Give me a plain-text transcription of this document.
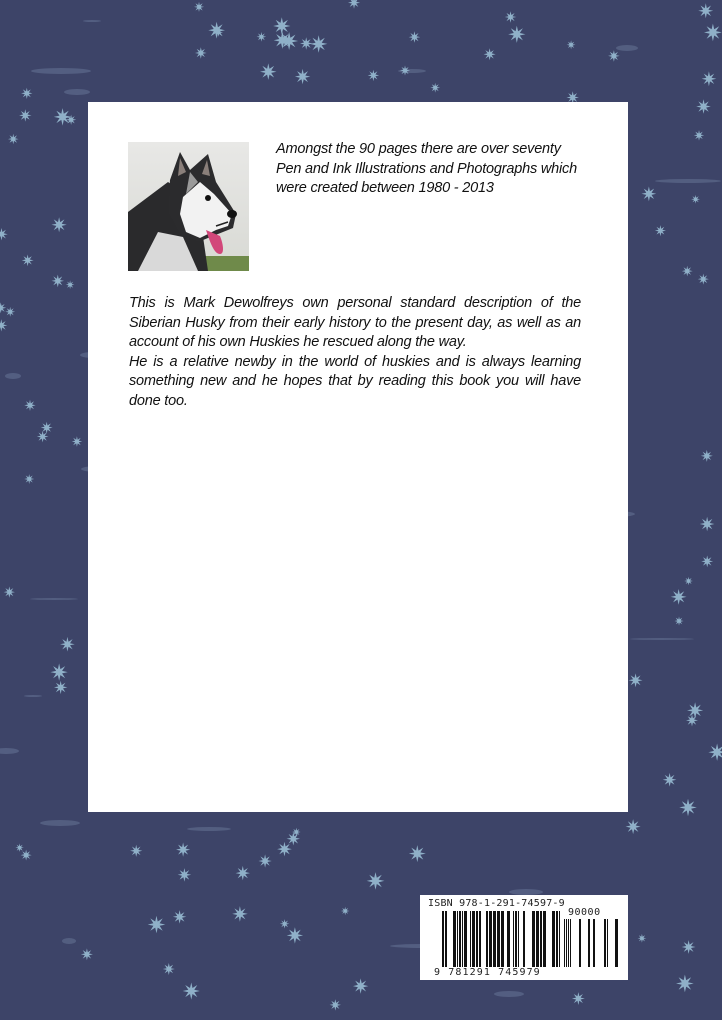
Amongst the 90 pages there are over seventy
Pen and Ink Illustrations and Photographs which
were created between 1980 - 2013

This is Mark Dewolfreys own personal standard description of the Siberian Husky from their early history to the present day, as well as an account of his own Huskies he rescued along the way.

He is a relative newby in the world of huskies and is always learning something new and he hopes that by reading this book you will have done too.

ISBN 978-1-291-74597-9
90000
9 781291 745979
